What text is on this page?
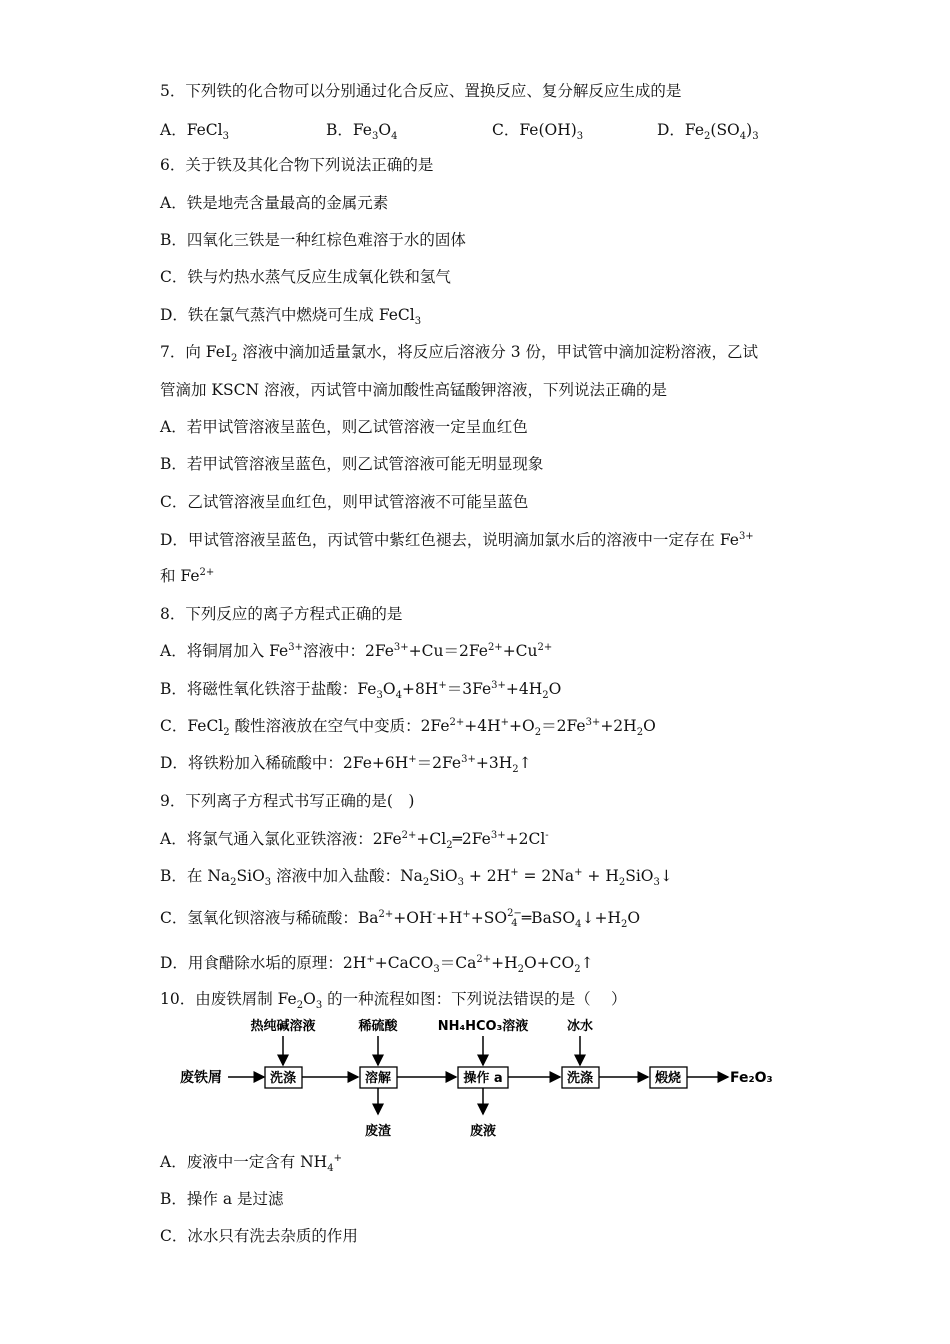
5．下列铁的化合物可以分别通过化合反应、置换反应、复分解反应生成的是
A．FeCl$_3$	B．$Fe_3O_4$	C．$Fe(OH)_3$	D．$Fe_2(SO_4)_3$
6．关于铁及其化合物下列说法正确的是
A．铁是地壳含量最高的金属元素
B．四氧化三铁是一种红棕色难溶于水的固体
C．铁与灼热水蒸气反应生成氧化铁和氢气
D．铁在氯气蒸汽中燃烧可生成 FeCl$_3$
7．向 FeI$_2$ 溶液中滴加适量氯水，将反应后溶液分 3 份，甲试管中滴加淀粉溶液，乙试
管滴加 KSCN 溶液，丙试管中滴加酸性高锰酸钾溶液，下列说法正确的是
A．若甲试管溶液呈蓝色，则乙试管溶液一定呈血红色
B．若甲试管溶液呈蓝色，则乙试管溶液可能无明显现象
C．乙试管溶液呈血红色，则甲试管溶液不可能呈蓝色
D．甲试管溶液呈蓝色，丙试管中紫红色褪去，说明滴加氯水后的溶液中一定存在 $Fe^{3+}$
和 $Fe^{2+}$
8．下列反应的离子方程式正确的是
A．将铜屑加入 $Fe^{3+}$溶液中：$2Fe^{3+}+Cu=2Fe^{2+}+Cu^{2+}$
B．将磁性氧化铁溶于盐酸：$Fe_3O_4+8H^+=3Fe^{3+}+4H_2O$
C．FeCl$_2$ 酸性溶液放在空气中变质：$2Fe^{2+}+4H^++O_2=2Fe^{3+}+2H_2O$
D．将铁粉加入稀硫酸中：$2Fe+6H^+=2Fe^{3+}+3H_2↑$
9．下列离子方程式书写正确的是(　)
A．将氯气通入氯化亚铁溶液：$2Fe^{2+}+Cl_2═2Fe^{3+}+2Cl^-$
B．在 $Na_2SiO_3$ 溶液中加入盐酸：$Na_2SiO_3 + 2H^+ = 2Na^+$ + $H_2SiO_3↓$
C．氢氧化钡溶液与稀硫酸：$Ba^{2+}+OH^-+H^++SO$ 2−
4 $═BaSO_4↓+H_2O$
D．用食醋除水垢的原理：$2H^++CaCO_3=Ca^{2+}+H_2O+CO_2↑$
10．由废铁屑制 $Fe_2O_3$ 的一种流程如图：下列说法错误的是（　 ）
废铁屑	洗涤	溶解	操作 a	洗涤	煅烧	Fe₂O₃
热纯碱溶液	稀硫酸	NH₄HCO₃溶液	冰水
废渣	废液
A．废液中一定含有 $NH_4^+$
B．操作 a 是过滤
C．冰水只有洗去杂质的作用
